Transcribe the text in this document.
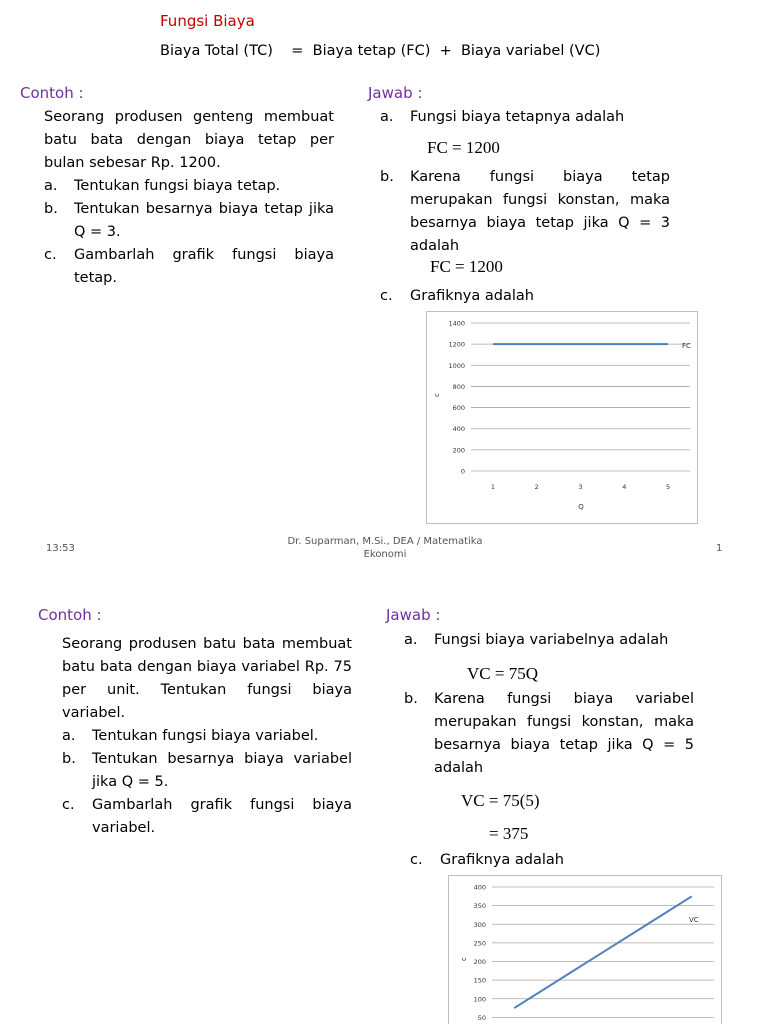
Fungsi Biaya
Biaya Total (TC)    =  Biaya tetap (FC)  +  Biaya variabel (VC)
Contoh :
Seorang produsen genteng membuat batu bata dengan biaya tetap per bulan sebesar Rp. 1200.
a.	Tentukan fungsi biaya tetap.
b.	Tentukan besarnya biaya tetap jika Q = 3.
c.	Gambarlah grafik fungsi biaya tetap.
Jawab :
a.	Fungsi biaya tetapnya adalah
FC = 1200
b.	Karena fungsi biaya tetap merupakan fungsi konstan, maka besarnya biaya tetap jika Q = 3 adalah
FC = 1200
c.	Grafiknya adalah
0
200
400
600
800
1000
1200
1400
1	2	3	4	5
FC
c
Q
13:53
Dr. Suparman, M.Si., DEA / Matematika Ekonomi
1
Contoh :
Seorang produsen batu bata membuat batu bata dengan biaya variabel Rp. 75 per unit. Tentukan fungsi biaya variabel.
a.	Tentukan fungsi biaya variabel.
b.	Tentukan besarnya biaya variabel jika Q = 5.
c.	Gambarlah grafik fungsi biaya variabel.
Jawab :
a.	Fungsi biaya variabelnya adalah
VC = 75Q
b.	Karena fungsi biaya variabel merupakan fungsi konstan, maka besarnya biaya tetap jika Q = 5 adalah
VC = 75(5)
= 375
c.	Grafiknya adalah
50
100
150
200
250
300
350
400
VC
c
